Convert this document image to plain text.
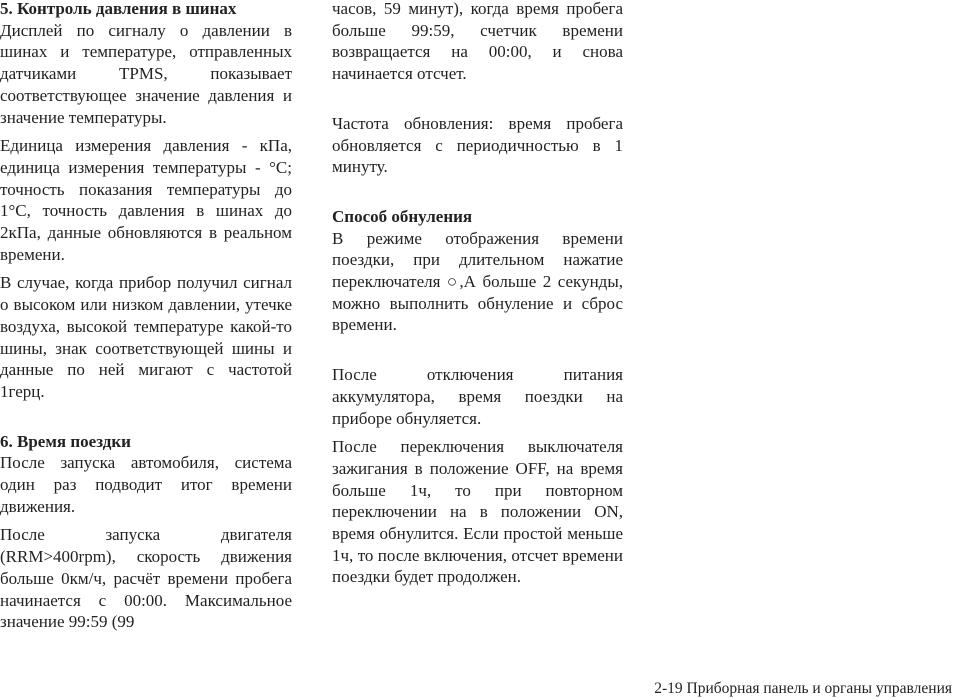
5. Контроль давления в шинах

Дисплей по сигналу о давлении в шинах и температуре, отправленных датчиками TPMS, показывает соответствующее значение давления и значение температуры.

Единица измерения давления - кПа, единица измерения температуры - °С; точность показания температуры до 1°С, точность давления в шинах до 2кПа, данные обновляются в реальном времени.

В случае, когда прибор получил сигнал о высоком или низком давлении, утечке воздуха, высокой температуре какой-то шины, знак соответствующей шины и данные по ней мигают с частотой 1герц.

6. Время поездки

После запуска автомобиля, система один раз подводит итог времени движения.

После запуска двигателя (RRM>400rpm), скорость движения больше 0км/ч, расчёт времени пробега начинается с 00:00. Максимальное значение 99:59 (99

часов, 59 минут), когда время пробега больше 99:59, счетчик времени возвращается на 00:00, и снова начинается отсчет.

Частота обновления: время пробега обновляется с периодичностью в 1 минуту.

Способ обнуления

В режиме отображения времени поездки, при длительном нажатие переключателя ○,А больше 2 секунды, можно выполнить обнуление и сброс времени.

После отключения питания аккумулятора, время поездки на приборе обнуляется.

После переключения выключателя зажигания в положение OFF, на время больше 1ч, то при повторном переключении на в положении ON, время обнулится. Если простой меньше 1ч, то после включения, отсчет времени поездки будет продолжен.

2-19 Приборная панель и органы управления
